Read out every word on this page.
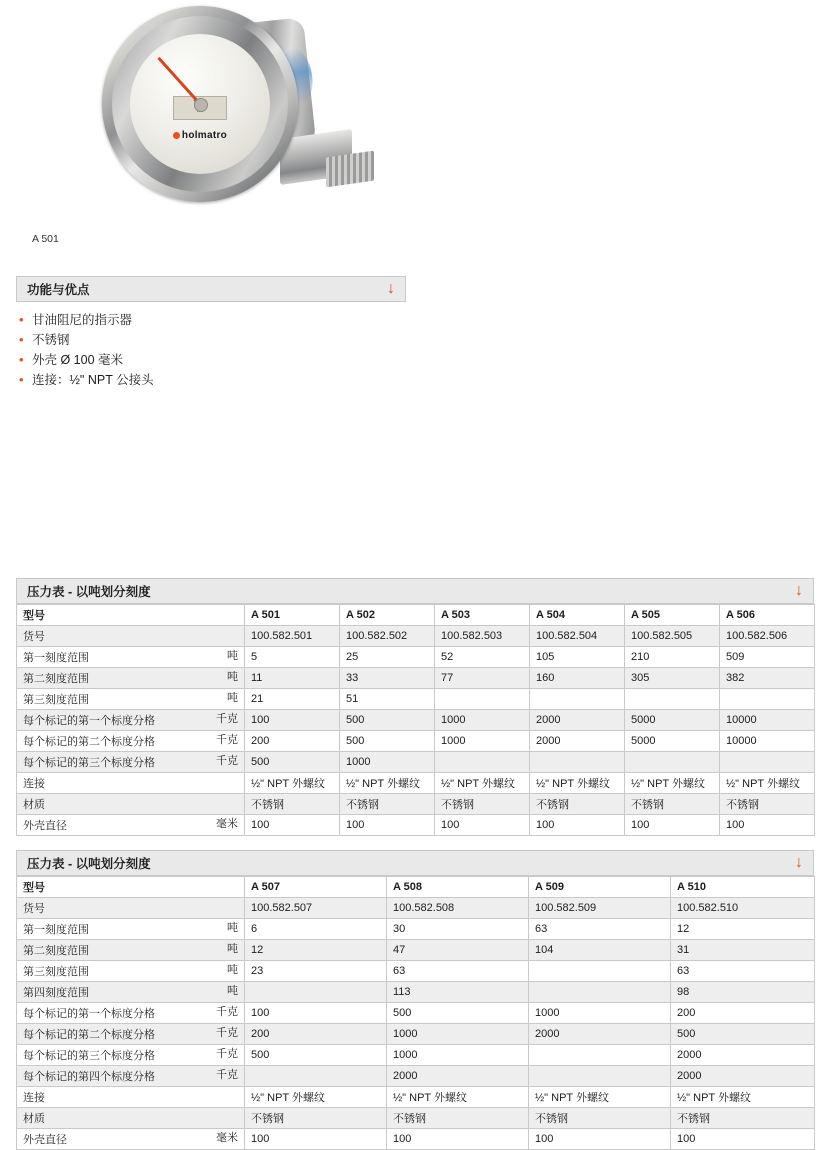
holmatro
A 501
功能与优点	↓
• 甘油阻尼的指示器
• 不锈钢
• 外壳 Ø 100 毫米
• 连接：½" NPT 公接头
压力表 - 以吨划分刻度	↓
型号	A 501	A 502	A 503	A 504	A 505	A 506
货号	100.582.501	100.582.502	100.582.503	100.582.504	100.582.505	100.582.506
第一刻度范围 吨	5	25	52	105	210	509
第二刻度范围 吨	11	33	77	160	305	382
第三刻度范围 吨	21	51				
每个标记的第一个标度分格 千克	100	500	1000	2000	5000	10000
每个标记的第二个标度分格 千克	200	500	1000	2000	5000	10000
每个标记的第三个标度分格 千克	500	1000				
连接	½" NPT 外螺纹	½" NPT 外螺纹	½" NPT 外螺纹	½" NPT 外螺纹	½" NPT 外螺纹	½" NPT 外螺纹
材质	不锈钢	不锈钢	不锈钢	不锈钢	不锈钢	不锈钢
外壳直径 毫米	100	100	100	100	100	100
压力表 - 以吨划分刻度	↓
型号	A 507	A 508	A 509	A 510
货号	100.582.507	100.582.508	100.582.509	100.582.510
第一刻度范围 吨	6	30	63	12
第二刻度范围 吨	12	47	104	31
第三刻度范围 吨	23	63		63
第四刻度范围 吨		113		98
每个标记的第一个标度分格 千克	100	500	1000	200
每个标记的第二个标度分格 千克	200	1000	2000	500
每个标记的第三个标度分格 千克	500	1000		2000
每个标记的第四个标度分格 千克		2000		2000
连接	½" NPT 外螺纹	½" NPT 外螺纹	½" NPT 外螺纹	½" NPT 外螺纹
材质	不锈钢	不锈钢	不锈钢	不锈钢
外壳直径 毫米	100	100	100	100
